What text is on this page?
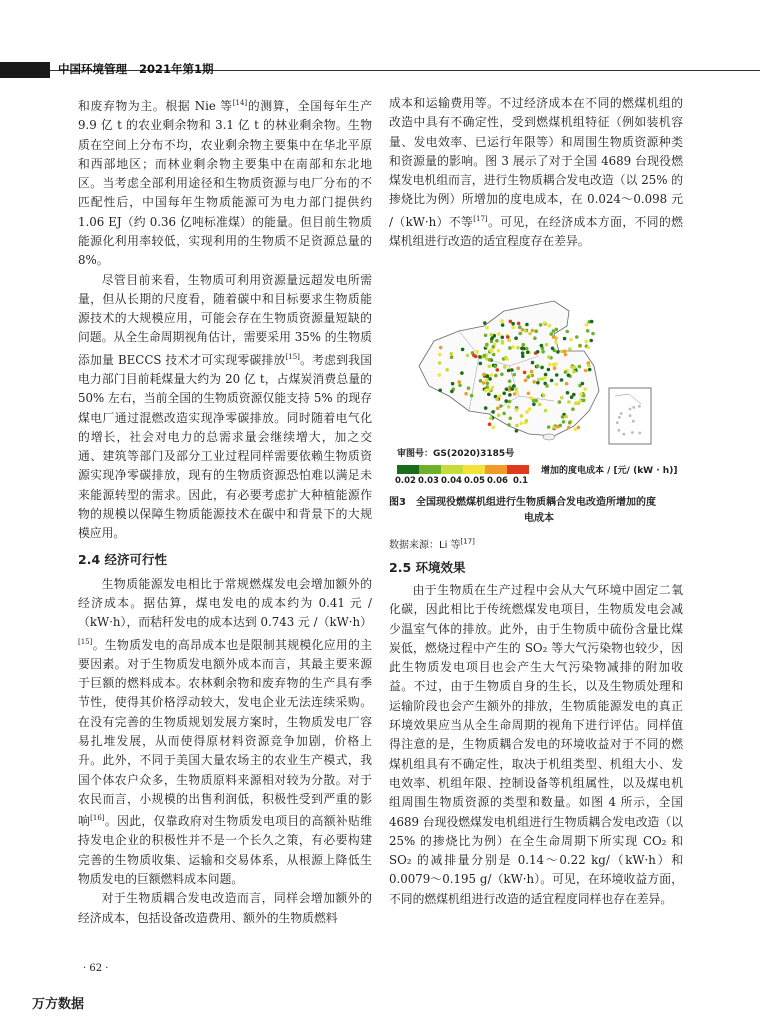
中国环境管理 2021年第1期

和废弃物为主。根据 Nie 等[14]的测算，全国每年生产 9.9 亿 t 的农业剩余物和 3.1 亿 t 的林业剩余物。生物质在空间上分布不均，农业剩余物主要集中在华北平原和西部地区；而林业剩余物主要集中在南部和东北地区。当考虑全部利用途径和生物质资源与电厂分布的不匹配性后，中国每年生物质能源可为电力部门提供约 1.06 EJ（约 0.36 亿吨标准煤）的能量。但目前生物质能源化利用率较低，实现利用的生物质不足资源总量的 8%。

尽管目前来看，生物质可利用资源量远超发电所需量，但从长期的尺度看，随着碳中和目标要求生物质能源技术的大规模应用，可能会存在生物质资源量短缺的问题。从全生命周期视角估计，需要采用 35% 的生物质添加量 BECCS 技术才可实现零碳排放[15]。考虑到我国电力部门目前耗煤量大约为 20 亿 t，占煤炭消费总量的 50% 左右，当前全国的生物质资源仅能支持 5% 的现存煤电厂通过混燃改造实现净零碳排放。同时随着电气化的增长，社会对电力的总需求量会继续增大，加之交通、建筑等部门及部分工业过程同样需要依赖生物质资源实现净零碳排放，现有的生物质资源恐怕难以满足未来能源转型的需求。因此，有必要考虑扩大种植能源作物的规模以保障生物质能源技术在碳中和背景下的大规模应用。

2.4 经济可行性

生物质能源发电相比于常规燃煤发电会增加额外的经济成本。据估算，煤电发电的成本约为 0.41 元 /（kW·h），而秸秆发电的成本达到 0.743 元 /（kW·h）[15]。生物质发电的高昂成本也是限制其规模化应用的主要因素。对于生物质发电额外成本而言，其最主要来源于巨额的燃料成本。农林剩余物和废弃物的生产具有季节性，使得其价格浮动较大，发电企业无法连续采购。在没有完善的生物质规划发展方案时，生物质发电厂容易扎堆发展，从而使得原材料资源竞争加剧，价格上升。此外，不同于美国大量农场主的农业生产模式，我国个体农户众多，生物质原料来源相对较为分散。对于农民而言，小规模的出售利润低，积极性受到严重的影响[16]。因此，仅靠政府对生物质发电项目的高额补贴维持发电企业的积极性并不是一个长久之策，有必要构建完善的生物质收集、运输和交易体系，从根源上降低生物质发电的巨额燃料成本问题。

对于生物质耦合发电改造而言，同样会增加额外的经济成本，包括设备改造费用、额外的生物质燃料

成本和运输费用等。不过经济成本在不同的燃煤机组的改造中具有不确定性，受到燃煤机组特征（例如装机容量、发电效率、已运行年限等）和周围生物质资源种类和资源量的影响。图 3 展示了对于全国 4689 台现役燃煤发电机组而言，进行生物质耦合发电改造（以 25% 的掺烧比为例）所增加的度电成本，在 0.024～0.098 元 /（kW·h）不等[17]。可见，在经济成本方面，不同的燃煤机组进行改造的适宜程度存在差异。

审图号：GS(2020)3185号
增加的度电成本 / [元/ (kW · h)]
0.02 0.03 0.04 0.05 0.06 0.1
图3　全国现役燃煤机组进行生物质耦合发电改造所增加的度
电成本
数据来源：Li 等[17]
2.5 环境效果

由于生物质在生产过程中会从大气环境中固定二氧化碳，因此相比于传统燃煤发电项目，生物质发电会减少温室气体的排放。此外，由于生物质中硫份含量比煤炭低，燃烧过程中产生的 SO₂ 等大气污染物也较少，因此生物质发电项目也会产生大气污染物减排的附加收益。不过，由于生物质自身的生长，以及生物质处理和运输阶段也会产生额外的排放，生物质能源发电的真正环境效果应当从全生命周期的视角下进行评估。同样值得注意的是，生物质耦合发电的环境收益对于不同的燃煤机组具有不确定性，取决于机组类型、机组大小、发电效率、机组年限、控制设备等机组属性，以及煤电机组周围生物质资源的类型和数量。如图 4 所示，全国 4689 台现役燃煤发电机组进行生物质耦合发电改造（以 25% 的掺烧比为例）在全生命周期下所实现 CO₂ 和 SO₂ 的减排量分别是 0.14～0.22 kg/（kW·h）和 0.0079～0.195 g/（kW·h）。可见，在环境收益方面，不同的燃煤机组进行改造的适宜程度同样也存在差异。

· 62 ·
万方数据
